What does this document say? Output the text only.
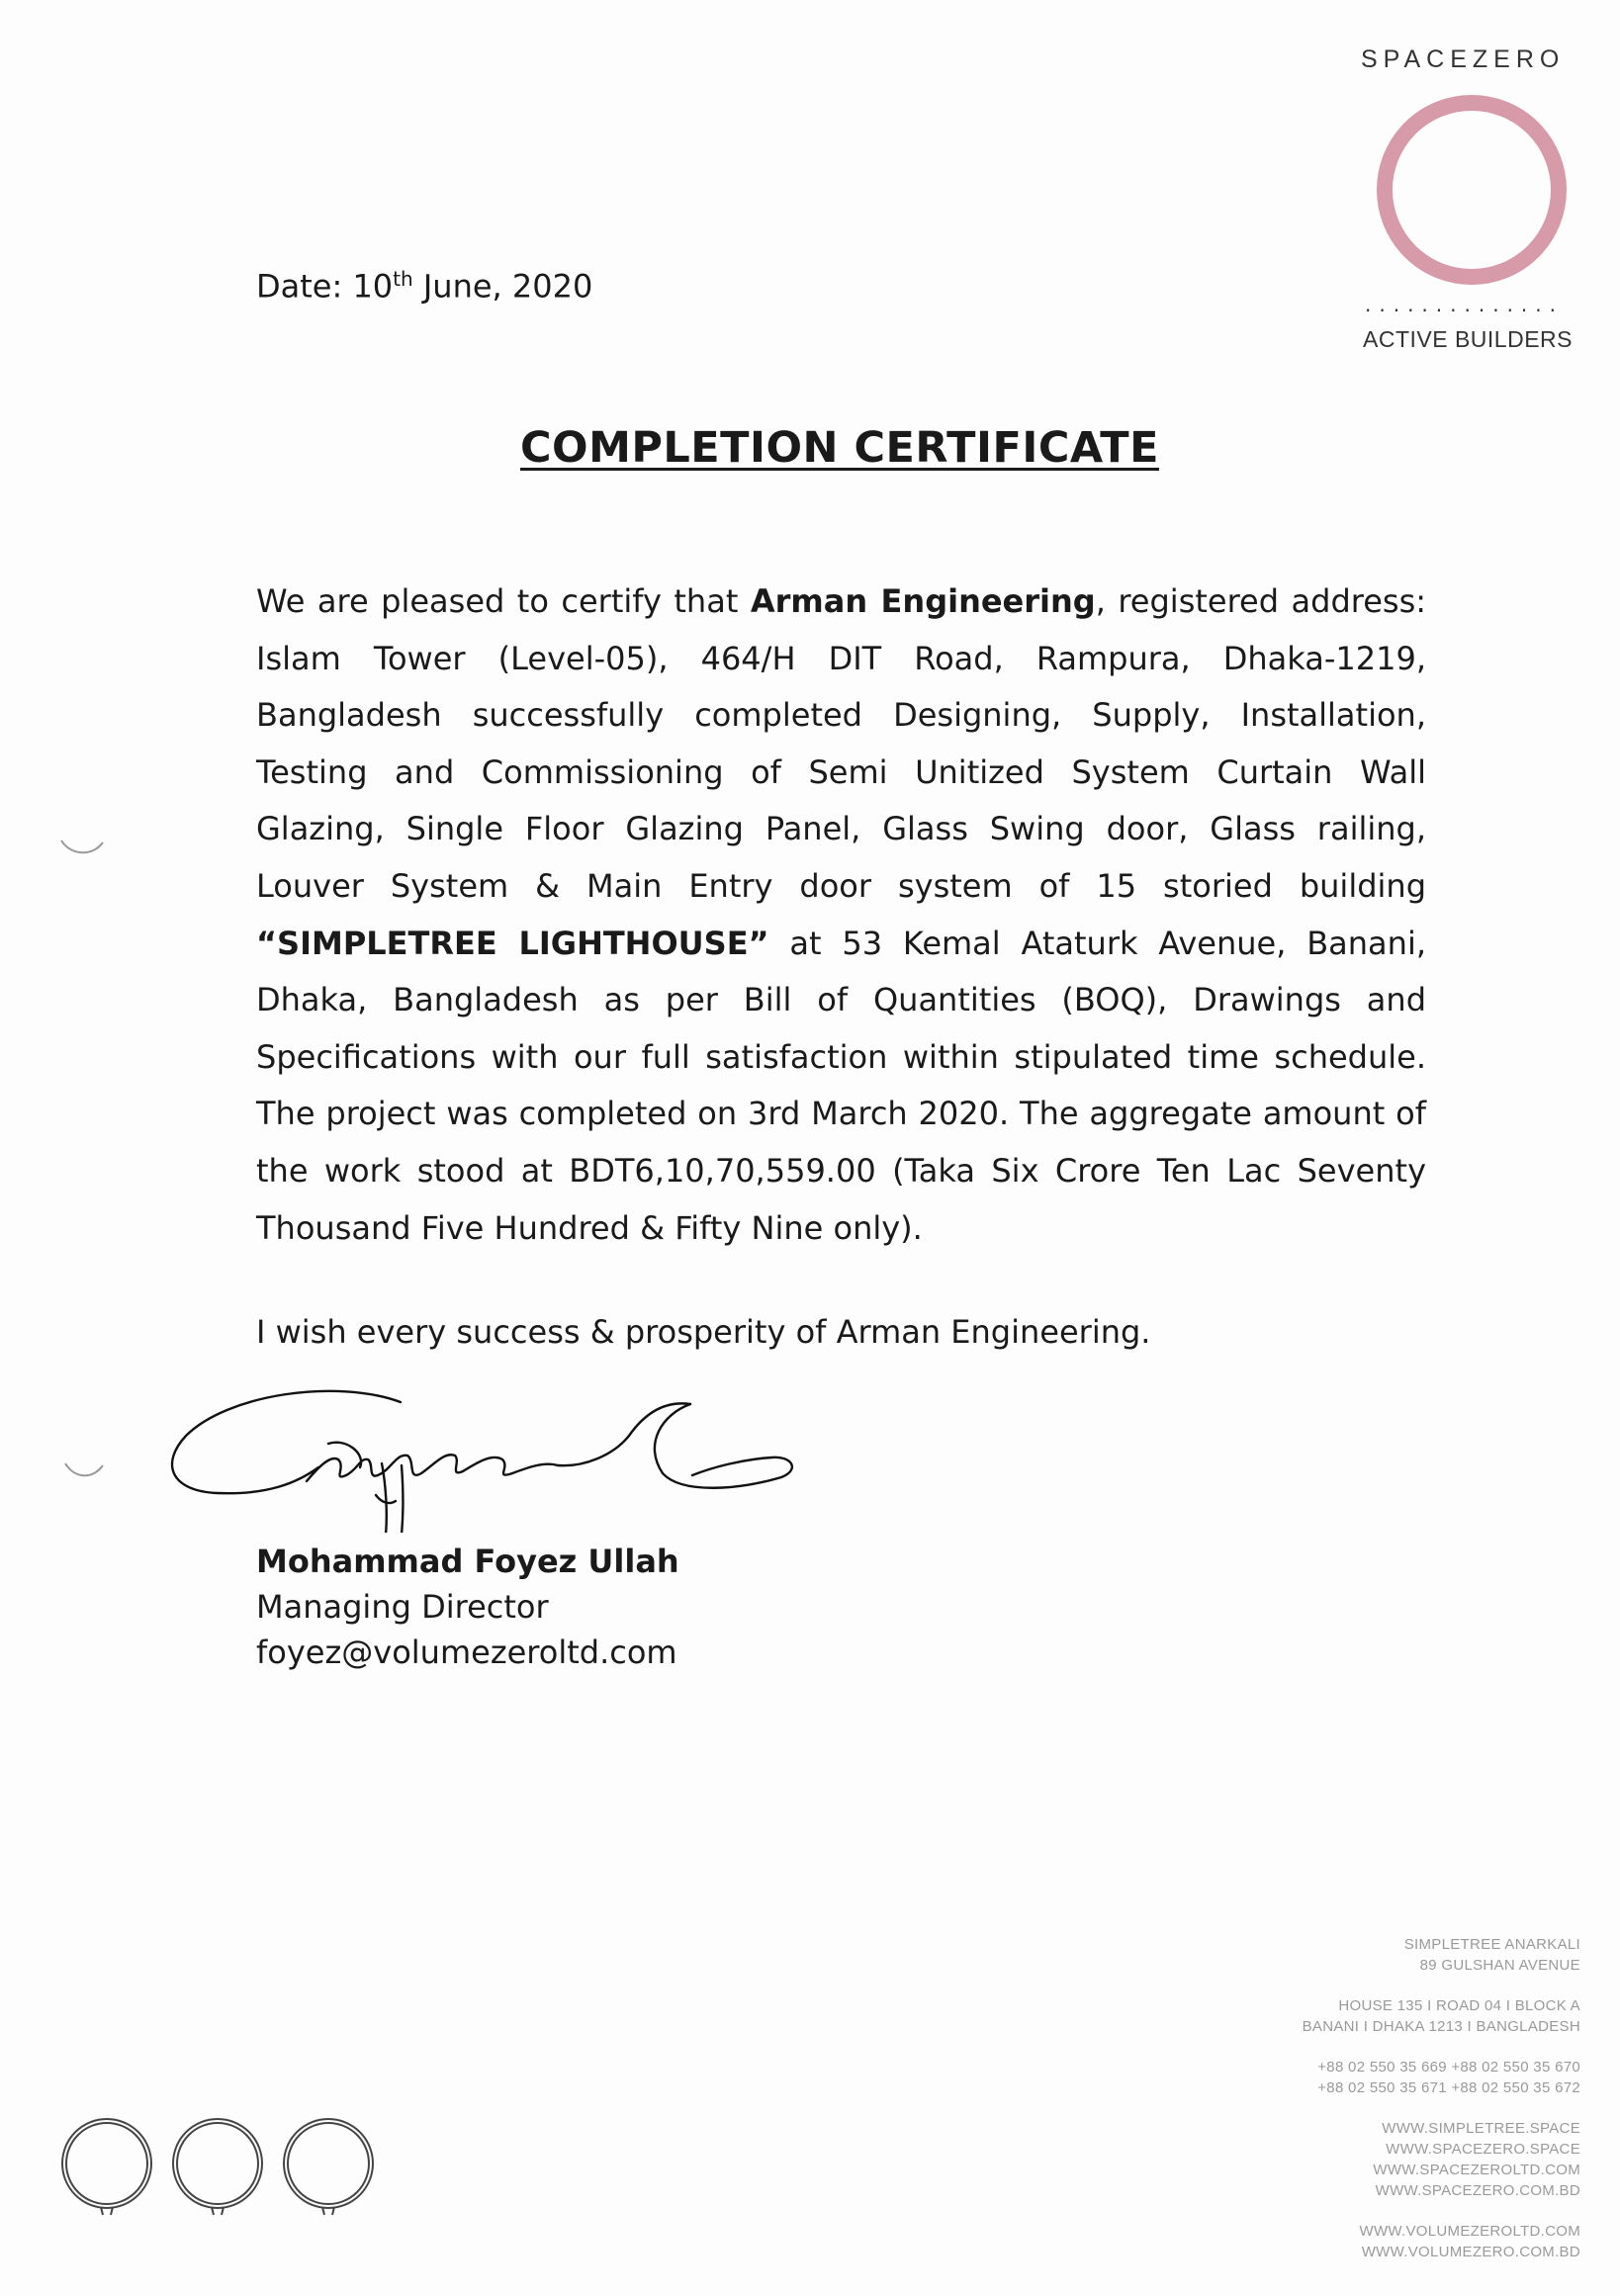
SPACEZERO
..............
ACTIVE BUILDERS
Date: 10th June, 2020
COMPLETION CERTIFICATE

We are pleased to certify that Arman Engineering, registered address: Islam Tower (Level-05), 464/H DIT Road, Rampura, Dhaka-1219, Bangladesh successfully completed Designing, Supply, Installation, Testing and Commissioning of Semi Unitized System Curtain Wall Glazing, Single Floor Glazing Panel, Glass Swing door, Glass railing, Louver System & Main Entry door system of 15 storied building “SIMPLETREE LIGHTHOUSE” at 53 Kemal Ataturk Avenue, Banani, Dhaka, Bangladesh as per Bill of Quantities (BOQ), Drawings and Specifications with our full satisfaction within stipulated time schedule. The project was completed on 3rd March 2020. The aggregate amount of the work stood at BDT6,10,70,559.00 (Taka Six Crore Ten Lac Seventy Thousand Five Hundred & Fifty Nine only).

I wish every success & prosperity of Arman Engineering.

Mohammad Foyez Ullah
Managing Director
foyez@volumezeroltd.com
SIMPLETREE ANARKALI
89 GULSHAN AVENUE
HOUSE 135 I ROAD 04 I BLOCK A
BANANI I DHAKA 1213 I BANGLADESH
+88 02 550 35 669 +88 02 550 35 670
+88 02 550 35 671 +88 02 550 35 672
WWW.SIMPLETREE.SPACE
WWW.SPACEZERO.SPACE
WWW.SPACEZEROLTD.COM
WWW.SPACEZERO.COM.BD
WWW.VOLUMEZEROLTD.COM
WWW.VOLUMEZERO.COM.BD
